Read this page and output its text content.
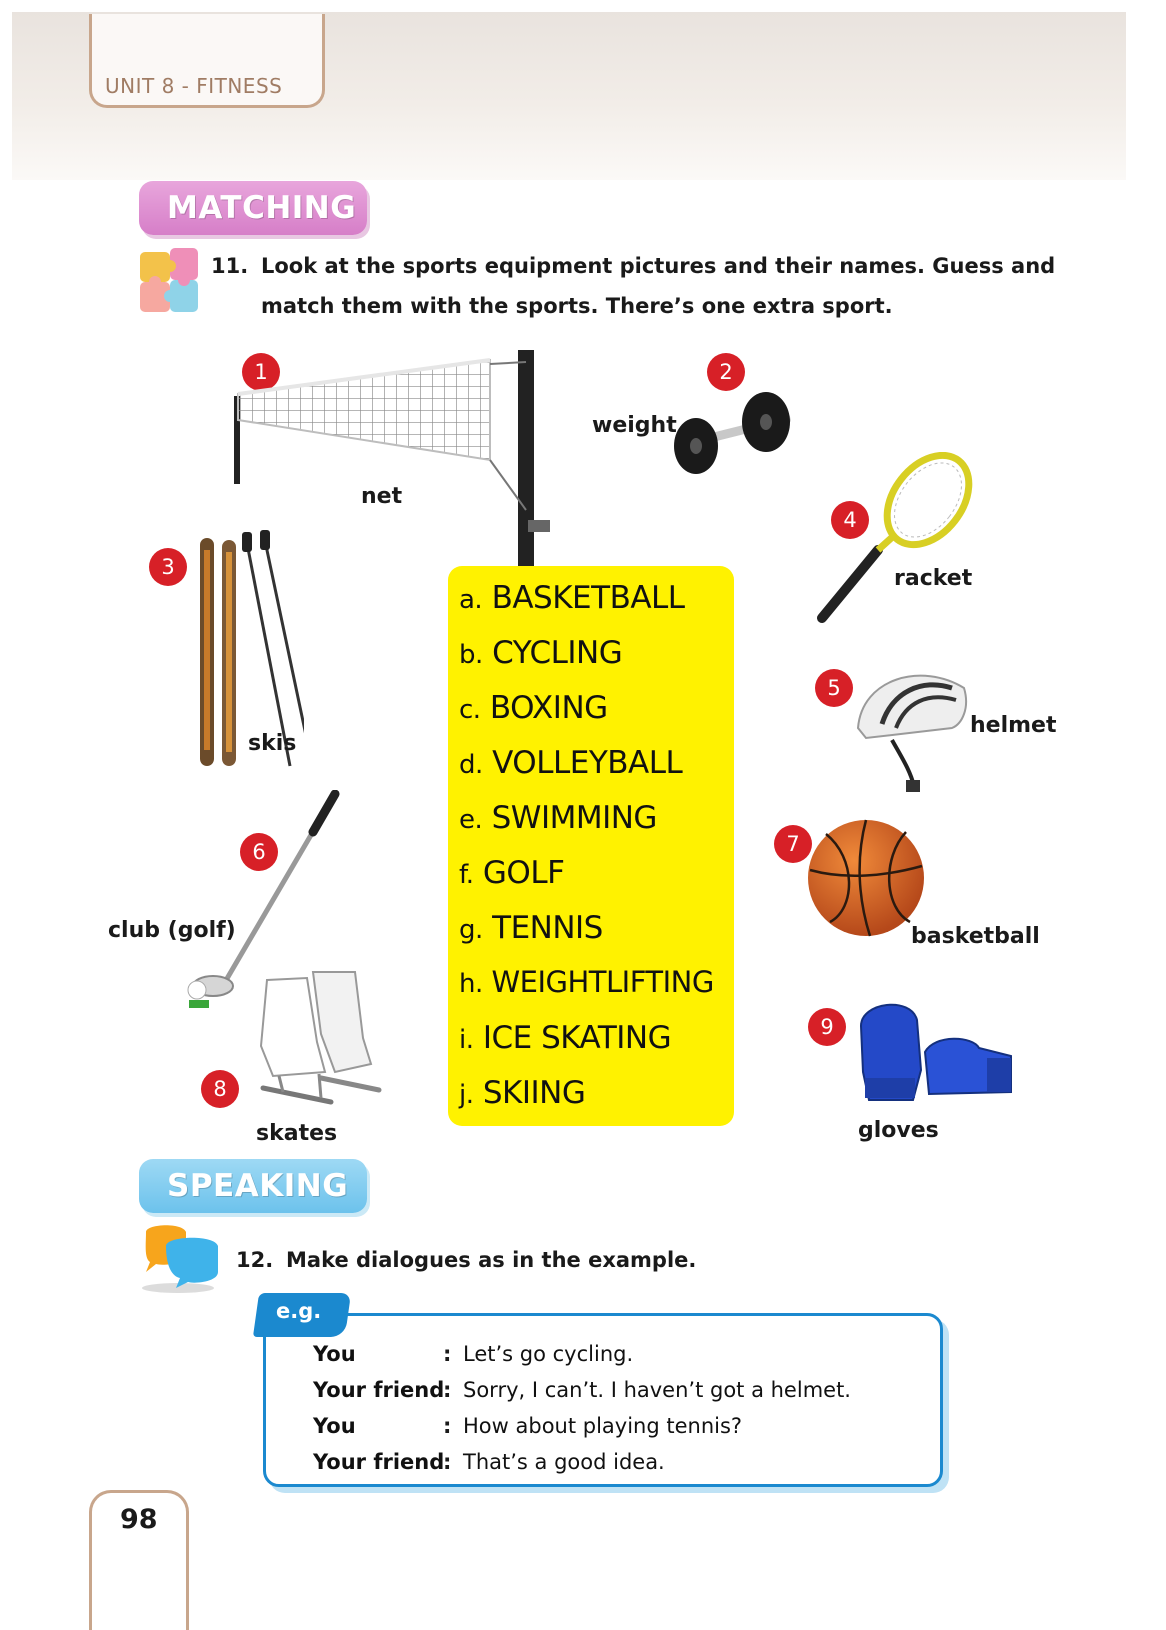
UNIT 8 - FITNESS
MATCHING
11. Look at the sports equipment pictures and their names. Guess and
match them with the sports. There’s one extra sport.
1
net
2
weight
4
racket
3
skis
5
helmet
6
club (golf)
7
basketball
8
skates
9
gloves
a. BASKETBALL
b. CYCLING
c. BOXING
d. VOLLEYBALL
e. SWIMMING
f. GOLF
g. TENNIS
h. WEIGHTLIFTING
i. ICE SKATING
j. SKIING
SPEAKING
12. Make dialogues as in the example.
e.g.
You	: Let’s go cycling.
Your friend
: Sorry, I can’t. I haven’t got a helmet.
You	: How about playing tennis?
Your friend
: That’s a good idea.
98
